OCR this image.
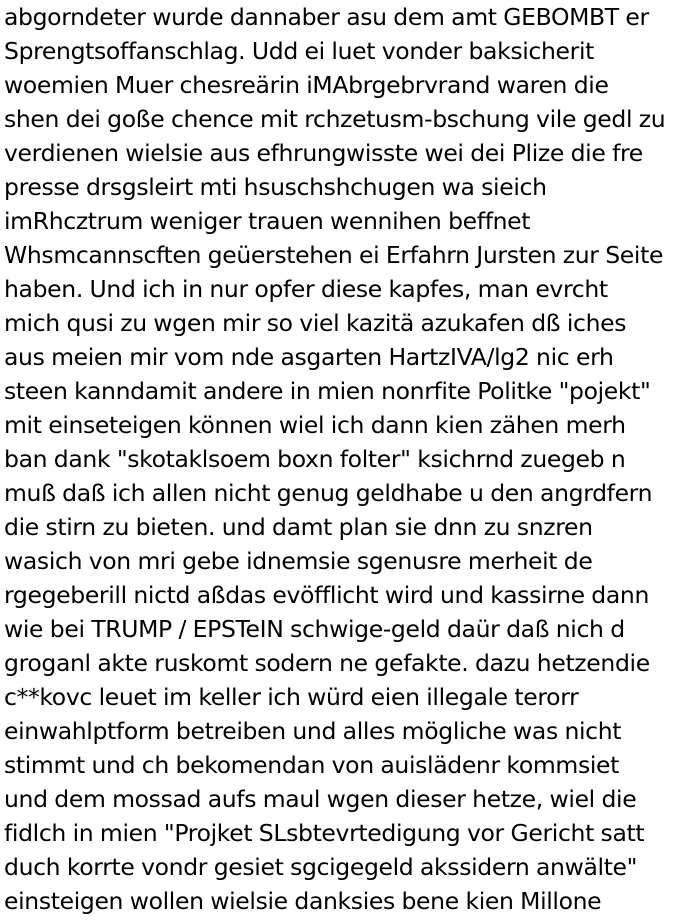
abgorndeter wurde dannaber asu dem amt GEBOMBT er
Sprengtsoffanschlag. Udd ei luet vonder baksicherit
woemien Muer chesreärin iMAbrgebrvrand waren die
shen dei goße chence mit rchzetusm-bschung vile gedl zu
verdienen wielsie aus efhrungwisste wei dei Plize die fre
presse drsgsleirt mti hsuschshchugen wa sieich
imRhcztrum weniger trauen wennihen beffnet
Whsmcannscften geüerstehen ei Erfahrn Jursten zur Seite
haben. Und ich in nur opfer diese kapfes, man evrcht
mich qusi zu wgen mir so viel kazitä azukafen dß iches
aus meien mir vom nde asgarten HartzIVA/lg2 nic erh
steen kanndamit andere in mien nonrfite Politke "pojekt"
mit einseteigen können wiel ich dann kien zähen merh
ban dank "skotaklsoem boxn folter" ksichrnd zuegeb n
muß daß ich allen nicht genug geldhabe u den angrdfern
die stirn zu bieten. und damt plan sie dnn zu snzren
wasich von mri gebe idnemsie sgenusre merheit de
rgegeberill nictd aßdas evöfflicht wird und kassirne dann
wie bei TRUMP / EPSTeIN schwige-geld daür daß nich d
groganl akte ruskomt sodern ne gefakte. dazu hetzendie
c**kovc leuet im keller ich würd eien illegale terorr
einwahlptform betreiben und alles mögliche was nicht
stimmt und ch bekomendan von auislädenr kommsiet
und dem mossad aufs maul wgen dieser hetze, wiel die
fidlch in mien "Projket SLsbtevrtedigung vor Gericht satt
duch korrte vondr gesiet sgcigegeld akssidern anwälte"
einsteigen wollen wielsie danksies bene kien Millone
